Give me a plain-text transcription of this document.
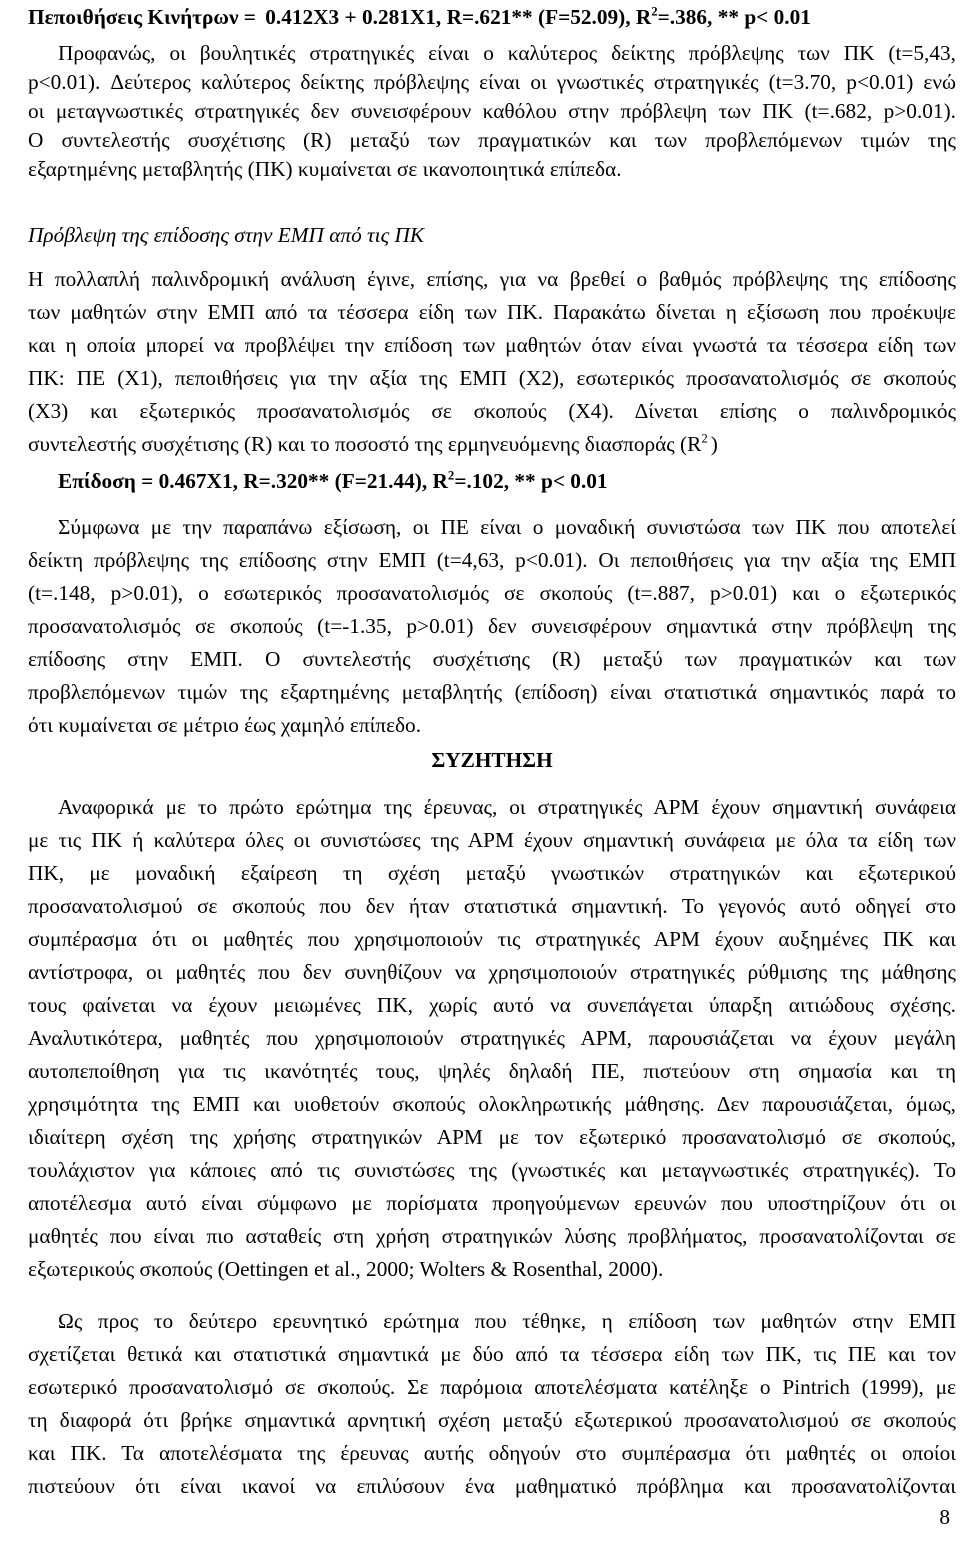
Πεποιθήσεις Κινήτρων = 0.412Χ3 + 0.281Χ1, R=.621** (F=52.09), $R^2=.386$, ** p< 0.01
Προφανώς, οι βουλητικές στρατηγικές είναι ο καλύτερος δείκτης πρόβλεψης των ΠΚ (t=5,43,
p<0.01). Δεύτερος καλύτερος δείκτης πρόβλεψης είναι οι γνωστικές στρατηγικές (t=3.70, p<0.01) ενώ
οι μεταγνωστικές στρατηγικές δεν συνεισφέρουν καθόλου στην πρόβλεψη των ΠΚ (t=.682, p>0.01).
Ο συντελεστής συσχέτισης (R) μεταξύ των πραγματικών και των προβλεπόμενων τιμών της
εξαρτημένης μεταβλητής (ΠΚ) κυμαίνεται σε ικανοποιητικά επίπεδα.
Πρόβλεψη της επίδοσης στην ΕΜΠ από τις ΠΚ
Η πολλαπλή παλινδρομική ανάλυση έγινε, επίσης, για να βρεθεί ο βαθμός πρόβλεψης της επίδοσης
των μαθητών στην ΕΜΠ από τα τέσσερα είδη των ΠΚ. Παρακάτω δίνεται η εξίσωση που προέκυψε
και η οποία μπορεί να προβλέψει την επίδοση των μαθητών όταν είναι γνωστά τα τέσσερα είδη των
ΠΚ: ΠΕ (Χ1), πεποιθήσεις για την αξία της ΕΜΠ (Χ2), εσωτερικός προσανατολισμός σε σκοπούς
(Χ3) και εξωτερικός προσανατολισμός σε σκοπούς (Χ4). Δίνεται επίσης ο παλινδρομικός
συντελεστής συσχέτισης (R) και το ποσοστό της ερμηνευόμενης διασποράς ($R^2$ )
Επίδοση = 0.467Χ1, R=.320** (F=21.44), $R^2=.102$, ** p< 0.01
Σύμφωνα με την παραπάνω εξίσωση, οι ΠΕ είναι ο μοναδική συνιστώσα των ΠΚ που αποτελεί
δείκτη πρόβλεψης της επίδοσης στην ΕΜΠ (t=4,63, p<0.01). Οι πεποιθήσεις για την αξία της ΕΜΠ
(t=.148, p>0.01), ο εσωτερικός προσανατολισμός σε σκοπούς (t=.887, p>0.01) και ο εξωτερικός
προσανατολισμός σε σκοπούς (t=-1.35, p>0.01) δεν συνεισφέρουν σημαντικά στην πρόβλεψη της
επίδοσης στην ΕΜΠ. Ο συντελεστής συσχέτισης (R) μεταξύ των πραγματικών και των
προβλεπόμενων τιμών της εξαρτημένης μεταβλητής (επίδοση) είναι στατιστικά σημαντικός παρά το
ότι κυμαίνεται σε μέτριο έως χαμηλό επίπεδο.
ΣΥΖΗΤΗΣΗ
Αναφορικά με το πρώτο ερώτημα της έρευνας, οι στρατηγικές ΑΡΜ έχουν σημαντική συνάφεια
με τις ΠΚ ή καλύτερα όλες οι συνιστώσες της ΑΡΜ έχουν σημαντική συνάφεια με όλα τα είδη των
ΠΚ, με μοναδική εξαίρεση τη σχέση μεταξύ γνωστικών στρατηγικών και εξωτερικού
προσανατολισμού σε σκοπούς που δεν ήταν στατιστικά σημαντική. Το γεγονός αυτό οδηγεί στο
συμπέρασμα ότι οι μαθητές που χρησιμοποιούν τις στρατηγικές ΑΡΜ έχουν αυξημένες ΠΚ και
αντίστροφα, οι μαθητές που δεν συνηθίζουν να χρησιμοποιούν στρατηγικές ρύθμισης της μάθησης
τους φαίνεται να έχουν μειωμένες ΠΚ, χωρίς αυτό να συνεπάγεται ύπαρξη αιτιώδους σχέσης.
Αναλυτικότερα, μαθητές που χρησιμοποιούν στρατηγικές ΑΡΜ, παρουσιάζεται να έχουν μεγάλη
αυτοπεποίθηση για τις ικανότητές τους, ψηλές δηλαδή ΠΕ, πιστεύουν στη σημασία και τη
χρησιμότητα της ΕΜΠ και υιοθετούν σκοπούς ολοκληρωτικής μάθησης. Δεν παρουσιάζεται, όμως,
ιδιαίτερη σχέση της χρήσης στρατηγικών ΑΡΜ με τον εξωτερικό προσανατολισμό σε σκοπούς,
τουλάχιστον για κάποιες από τις συνιστώσες της (γνωστικές και μεταγνωστικές στρατηγικές). Το
αποτέλεσμα αυτό είναι σύμφωνο με πορίσματα προηγούμενων ερευνών που υποστηρίζουν ότι οι
μαθητές που είναι πιο ασταθείς στη χρήση στρατηγικών λύσης προβλήματος, προσανατολίζονται σε
εξωτερικούς σκοπούς (Oettingen et al., 2000; Wolters & Rosenthal, 2000).
Ως προς το δεύτερο ερευνητικό ερώτημα που τέθηκε, η επίδοση των μαθητών στην ΕΜΠ
σχετίζεται θετικά και στατιστικά σημαντικά με δύο από τα τέσσερα είδη των ΠΚ, τις ΠΕ και τον
εσωτερικό προσανατολισμό σε σκοπούς. Σε παρόμοια αποτελέσματα κατέληξε ο Pintrich (1999), με
τη διαφορά ότι βρήκε σημαντικά αρνητική σχέση μεταξύ εξωτερικού προσανατολισμού σε σκοπούς
και ΠΚ. Τα αποτελέσματα της έρευνας αυτής οδηγούν στο συμπέρασμα ότι μαθητές οι οποίοι
πιστεύουν ότι είναι ικανοί να επιλύσουν ένα μαθηματικό πρόβλημα και προσανατολίζονται
8
